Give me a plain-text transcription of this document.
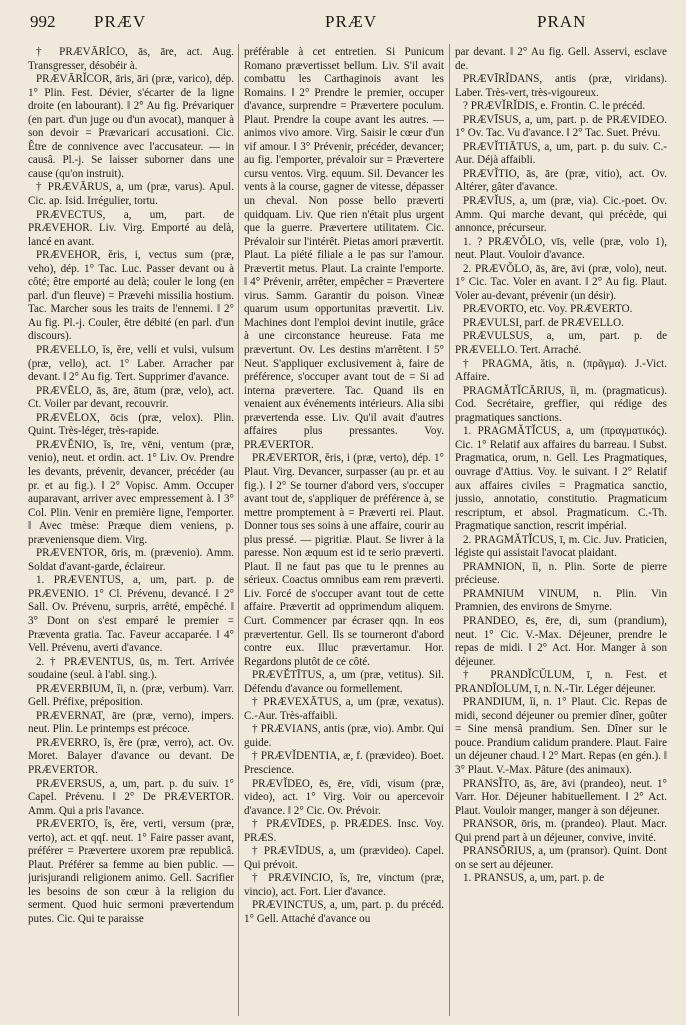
992 PRÆV	PRÆV	PRAN

† PRÆVĀRĬCO, ās, āre, act. Aug. Transgresser, désobéir à.

PRÆVĀRĬCOR, āris, āri (præ, varico), dép. 1° Plin. Fest. Dévier, s'écarter de la ligne droite (en labourant). ‖ 2° Au fig. Prévariquer (en part. d'un juge ou d'un avocat), manquer à son devoir = Prævaricari accusationi. Cic. Être de connivence avec l'accusateur. — in causâ. Pl.-j. Se laisser suborner dans une cause (qu'on instruit).

† PRÆVĀRUS, a, um (præ, varus). Apul. Cic. ap. Isid. Irrégulier, tortu.

PRÆVECTUS, a, um, part. de PRÆVEHOR. Liv. Virg. Emporté au delà, lancé en avant.

PRÆVEHOR, ĕris, i, vectus sum (præ, veho), dép. 1° Tac. Luc. Passer devant ou à côté; être emporté au delà; couler le long (en parl. d'un fleuve) = Prævehi missilia hostium. Tac. Marcher sous les traits de l'ennemi. ‖ 2° Au fig. Pl.-j. Couler, être débité (en parl. d'un discours).

PRÆVELLO, ĭs, ĕre, velli et vulsi, vulsum (præ, vello), act. 1° Laber. Arracher par devant. ‖ 2° Au fig. Tert. Supprimer d'avance.

PRÆVĒLO, ās, āre, ātum (præ, velo), act. Ct. Voiler par devant, recouvrir.

PRÆVĒLOX, ōcis (præ, velox). Plin. Quint. Très-léger, très-rapide.

PRÆVĔNIO, ĭs, īre, vēni, ventum (præ, venio), neut. et ordin. act. 1° Liv. Ov. Prendre les devants, prévenir, devancer, précéder (au pr. et au fig.). ‖ 2° Vopisc. Amm. Occuper auparavant, arriver avec empressement à. ‖ 3° Col. Plin. Venir en première ligne, l'emporter. ‖ Avec tmèse: Præque diem veniens, p. præveniensque diem. Virg.

PRÆVENTOR, ōris, m. (prævenio). Amm. Soldat d'avant-garde, éclaireur.

1. PRÆVENTUS, a, um, part. p. de PRÆVENIO. 1° Cl. Prévenu, devancé. ‖ 2° Sall. Ov. Prévenu, surpris, arrêté, empêché. ‖ 3° Dont on s'est emparé le premier = Præventa gratia. Tac. Faveur accaparée. ‖ 4° Vell. Prévenu, averti d'avance.

2. † PRÆVENTUS, ūs, m. Tert. Arrivée soudaine (seul. à l'abl. sing.).

PRÆVERBIUM, ĭi, n. (præ, verbum). Varr. Gell. Préfixe, préposition.

PRÆVERNAT, āre (præ, verno), impers. neut. Plin. Le printemps est précoce.

PRÆVERRO, ĭs, ĕre (præ, verro), act. Ov. Moret. Balayer d'avance ou devant. De PRÆVERTOR.

PRÆVERSUS, a, um, part. p. du suiv. 1° Capel. Prévenu. ‖ 2° De PRÆVERTOR. Amm. Qui a pris l'avance.

PRÆVERTO, ĭs, ĕre, verti, versum (præ, verto), act. et qqf. neut. 1° Faire passer avant, préférer = Prævertere uxorem præ republicâ. Plaut. Préférer sa femme au bien public. — jurisjurandi religionem animo. Gell. Sacrifier les besoins de son cœur à la religion du serment. Quod huic sermoni prævertendum putes. Cic. Qui te paraisse

préférable à cet entretien. Si Punicum Romano prævertisset bellum. Liv. S'il avait combattu les Carthaginois avant les Romains. ‖ 2° Prendre le premier, occuper d'avance, surprendre = Prævertere poculum. Plaut. Prendre la coupe avant les autres. — animos vivo amore. Virg. Saisir le cœur d'un vif amour. ‖ 3° Prévenir, précéder, devancer; au fig. l'emporter, prévaloir sur = Prævertere cursu ventos. Virg. equum. Sil. Devancer les vents à la course, gagner de vitesse, dépasser un cheval. Non posse bello præverti quidquam. Liv. Que rien n'était plus urgent que la guerre. Prævertere utilitatem. Cic. Prévaloir sur l'intérêt. Pietas amori prævertit. Plaut. La piété filiale a le pas sur l'amour. Prævertit metus. Plaut. La crainte l'emporte. ‖ 4° Prévenir, arrêter, empêcher = Prævertere virus. Samm. Garantir du poison. Vineæ quarum usum opportunitas prævertit. Liv. Machines dont l'emploi devint inutile, grâce à une circonstance heureuse. Fata me prævertunt. Ov. Les destins m'arrêtent. ‖ 5° Neut. S'appliquer exclusivement à, faire de préférence, s'occuper avant tout de = Si ad interna prævertere. Tac. Quand ils en venaient aux événements intérieurs. Alia sibi prævertenda esse. Liv. Qu'il avait d'autres affaires plus pressantes. Voy. PRÆVERTOR.

PRÆVERTOR, ĕris, i (præ, verto), dép. 1° Plaut. Virg. Devancer, surpasser (au pr. et au fig.). ‖ 2° Se tourner d'abord vers, s'occuper avant tout de, s'appliquer de préférence à, se mettre promptement à = Præverti rei. Plaut. Donner tous ses soins à une affaire, courir au plus pressé. — pigritiæ. Plaut. Se livrer à la paresse. Non æquum est id te serio præverti. Plaut. Il ne faut pas que tu le prennes au sérieux. Coactus omnibus eam rem præverti. Liv. Forcé de s'occuper avant tout de cette affaire. Prævertit ad opprimendum aliquem. Curt. Commencer par écraser qqn. In eos prævertentur. Gell. Ils se tourneront d'abord contre eux. Illuc prævertamur. Hor. Regardons plutôt de ce côté.

PRÆVĔTĪTUS, a, um (præ, vetitus). Sil. Défendu d'avance ou formellement.

† PRÆVEXĀTUS, a, um (præ, vexatus). C.-Aur. Très-affaibli.

† PRÆVIANS, antis (præ, vio). Ambr. Qui guide.

† PRÆVĬDENTIA, æ, f. (prævideo). Boet. Prescience.

PRÆVĬDEO, ēs, ēre, vīdi, visum (præ, video), act. 1° Virg. Voir ou apercevoir d'avance. ‖ 2° Cic. Ov. Prévoir.

† PRÆVĪDES, p. PRÆDES. Insc. Voy. PRÆS.

† PRÆVĪDUS, a, um (prævideo). Capel. Qui prévoit.

† PRÆVINCIO, ĭs, īre, vinctum (præ, vincio), act. Fort. Lier d'avance.

PRÆVINCTUS, a, um, part. p. du précéd. 1° Gell. Attaché d'avance ou

par devant. ‖ 2° Au fig. Gell. Asservi, esclave de.

PRÆVĪRĬDANS, antis (præ, viridans). Laber. Très-vert, très-vigoureux.

? PRÆVĬRĬDIS, e. Frontin. C. le précéd.

PRÆVĪSUS, a, um, part. p. de PRÆVIDEO. 1° Ov. Tac. Vu d'avance. ‖ 2° Tac. Suet. Prévu.

PRÆVĬTIĀTUS, a, um, part. p. du suiv. C.-Aur. Déjà affaibli.

PRÆVĬTIO, ās, āre (præ, vitio), act. Ov. Altérer, gâter d'avance.

PRÆVĬUS, a, um (præ, via). Cic.-poet. Ov. Amm. Qui marche devant, qui précède, qui annonce, précurseur.

1. ? PRÆVŎLO, vīs, velle (præ, volo 1), neut. Plaut. Vouloir d'avance.

2. PRÆVŎLO, ās, āre, āvi (præ, volo), neut. 1° Cic. Tac. Voler en avant. ‖ 2° Au fig. Plaut. Voler au-devant, prévenir (un désir).

PRÆVORTO, etc. Voy. PRÆVERTO.

PRÆVULSI, parf. de PRÆVELLO.

PRÆVULSUS, a, um, part. p. de PRÆVELLO. Tert. Arraché.

† PRAGMA, ătis, n. (πρᾶγμα). J.-Vict. Affaire.

PRAGMĂTĬCĀRIUS, ĭi, m. (pragmaticus). Cod. Secrétaire, greffier, qui rédige des pragmatiques sanctions.

1. PRAGMĂTĬCUS, a, um (πραγματικός). Cic. 1° Relatif aux affaires du barreau. ‖ Subst. Pragmatica, orum, n. Gell. Les Pragmatiques, ouvrage d'Attius. Voy. le suivant. ‖ 2° Relatif aux affaires civiles = Pragmatica sanctio, jussio, annotatio, constitutio. Pragmaticum rescriptum, et absol. Pragmaticum. C.-Th. Pragmatique sanction, rescrit impérial.

2. PRAGMĂTĬCUS, ī, m. Cic. Juv. Praticien, légiste qui assistait l'avocat plaidant.

PRAMNION, ĭi, n. Plin. Sorte de pierre précieuse.

PRAMNIUM VINUM, n. Plin. Vin Pramnien, des environs de Smyrne.

PRANDEO, ēs, ēre, di, sum (prandium), neut. 1° Cic. V.-Max. Déjeuner, prendre le repas de midi. ‖ 2° Act. Hor. Manger à son déjeuner.

† PRANDĬCŬLUM, ī, n. Fest. et PRANDĬOLUM, ī, n. N.-Tir. Léger déjeuner.

PRANDIUM, ĭi, n. 1° Plaut. Cic. Repas de midi, second déjeuner ou premier dîner, goûter = Sine mensâ prandium. Sen. Dîner sur le pouce. Prandium calidum prandere. Plaut. Faire un déjeuner chaud. ‖ 2° Mart. Repas (en gén.). ‖ 3° Plaut. V.-Max. Pâture (des animaux).

PRANSĬTO, ās, āre, āvi (prandeo), neut. 1° Varr. Hor. Déjeuner habituellement. ‖ 2° Act. Plaut. Vouloir manger, manger à son déjeuner.

PRANSOR, ōris, m. (prandeo). Plaut. Macr. Qui prend part à un déjeuner, convive, invité.

PRANSŌRIUS, a, um (pransor). Quint. Dont on se sert au déjeuner.

1. PRANSUS, a, um, part. p. de
